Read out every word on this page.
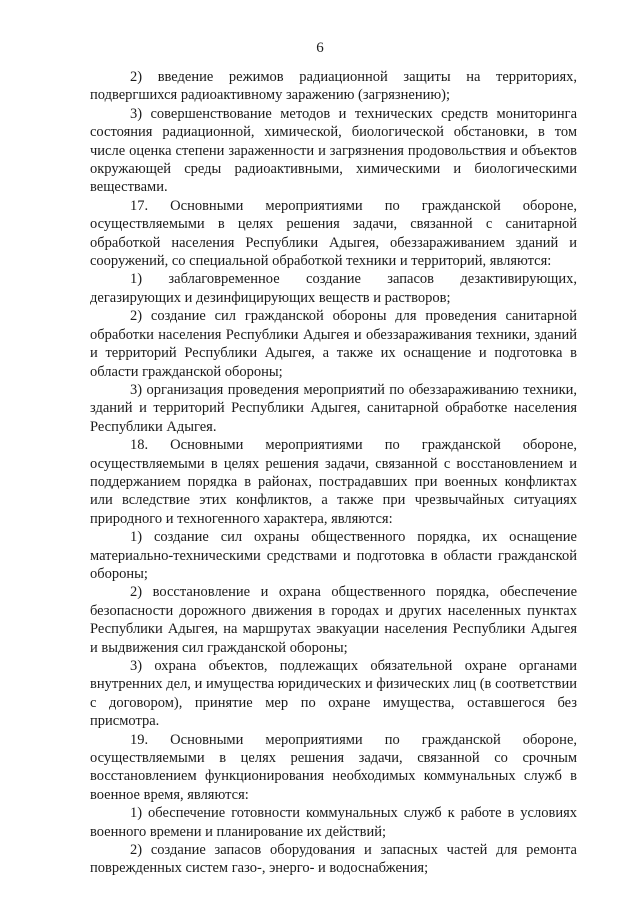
6

2) введение режимов радиационной защиты на территориях, подвергшихся радиоактивному заражению (загрязнению);

3) совершенствование методов и технических средств мониторинга состояния радиационной, химической, биологической обстановки, в том числе оценка степени зараженности и загрязнения продовольствия и объектов окружающей среды радиоактивными, химическими и биологическими веществами.

17. Основными мероприятиями по гражданской обороне, осуществляемыми в целях решения задачи, связанной с санитарной обработкой населения Республики Адыгея, обеззараживанием зданий и сооружений, со специальной обработкой техники и территорий, являются:

1) заблаговременное создание запасов дезактивирующих, дегазирующих и дезинфицирующих веществ и растворов;

2) создание сил гражданской обороны для проведения санитарной обработки населения Республики Адыгея и обеззараживания техники, зданий и территорий Республики Адыгея, а также их оснащение и подготовка в области гражданской обороны;

3) организация проведения мероприятий по обеззараживанию техники, зданий и территорий Республики Адыгея, санитарной обработке населения Республики Адыгея.

18. Основными мероприятиями по гражданской обороне, осуществляемыми в целях решения задачи, связанной с восстановлением и поддержанием порядка в районах, пострадавших при военных конфликтах или вследствие этих конфликтов, а также при чрезвычайных ситуациях природного и техногенного характера, являются:

1) создание сил охраны общественного порядка, их оснащение материально-техническими средствами и подготовка в области гражданской обороны;

2) восстановление и охрана общественного порядка, обеспечение безопасности дорожного движения в городах и других населенных пунктах Республики Адыгея, на маршрутах эвакуации населения Республики Адыгея и выдвижения сил гражданской обороны;

3) охрана объектов, подлежащих обязательной охране органами внутренних дел, и имущества юридических и физических лиц (в соответствии с договором), принятие мер по охране имущества, оставшегося без присмотра.

19. Основными мероприятиями по гражданской обороне, осуществляемыми в целях решения задачи, связанной со срочным восстановлением функционирования необходимых коммунальных служб в военное время, являются:

1) обеспечение готовности коммунальных служб к работе в условиях военного времени и планирование их действий;

2) создание запасов оборудования и запасных частей для ремонта поврежденных систем газо-, энерго- и водоснабжения;
